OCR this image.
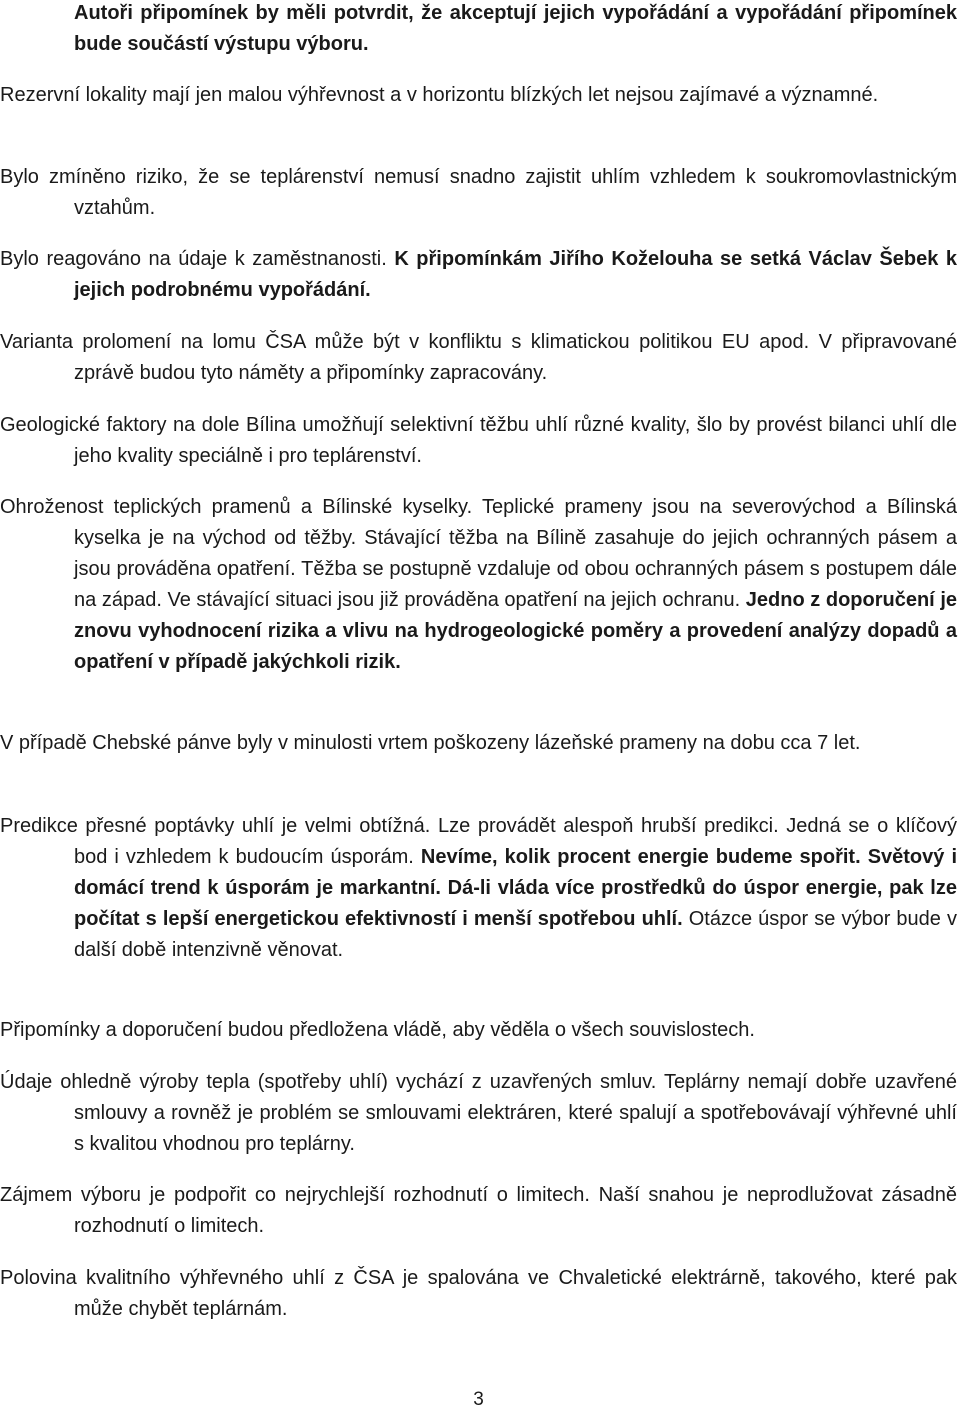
Autoři připomínek by měli potvrdit, že akceptují jejich vypořádání a vypořádání připomínek bude součástí výstupu výboru.

Rezervní lokality mají jen malou výhřevnost a v horizontu blízkých let nejsou zajímavé a významné.

Bylo zmíněno riziko, že se teplárenství nemusí snadno zajistit uhlím vzhledem k soukromovlastnickým vztahům.

Bylo reagováno na údaje k zaměstnanosti. K připomínkám Jiřího Koželouha se setká Václav Šebek k jejich podrobnému vypořádání.

Varianta prolomení na lomu ČSA může být v konfliktu s klimatickou politikou EU apod. V připravované zprávě budou tyto náměty a připomínky zapracovány.

Geologické faktory na dole Bílina umožňují selektivní těžbu uhlí různé kvality, šlo by provést bilanci uhlí dle jeho kvality speciálně i pro teplárenství.

Ohroženost teplických pramenů a Bílinské kyselky. Teplické prameny jsou na severovýchod a Bílinská kyselka je na východ od těžby. Stávající těžba na Bílině zasahuje do jejich ochranných pásem a jsou prováděna opatření. Těžba se postupně vzdaluje od obou ochranných pásem s postupem dále na západ. Ve stávající situaci jsou již prováděna opatření na jejich ochranu. Jedno z doporučení je znovu vyhodnocení rizika a vlivu na hydrogeologické poměry a provedení analýzy dopadů a opatření v případě jakýchkoli rizik.

V případě Chebské pánve byly v minulosti vrtem poškozeny lázeňské prameny na dobu cca 7 let.

Predikce přesné poptávky uhlí je velmi obtížná. Lze provádět alespoň hrubší predikci. Jedná se o klíčový bod i vzhledem k budoucím úsporám. Nevíme, kolik procent energie budeme spořit. Světový i domácí trend k úsporám je markantní. Dá-li vláda více prostředků do úspor energie, pak lze počítat s lepší energetickou efektivností i menší spotřebou uhlí. Otázce úspor se výbor bude v další době intenzivně věnovat.

Připomínky a doporučení budou předložena vládě, aby věděla o všech souvislostech.

Údaje ohledně výroby tepla (spotřeby uhlí) vychází z uzavřených smluv. Teplárny nemají dobře uzavřené smlouvy a rovněž je problém se smlouvami elektráren, které spalují a spotřebovávají výhřevné uhlí s kvalitou vhodnou pro teplárny.

Zájmem výboru je podpořit co nejrychlejší rozhodnutí o limitech. Naší snahou je neprodlužovat zásadně rozhodnutí o limitech.

Polovina kvalitního výhřevného uhlí z ČSA je spalována ve Chvaletické elektrárně, takového, které pak může chybět teplárnám.

3
